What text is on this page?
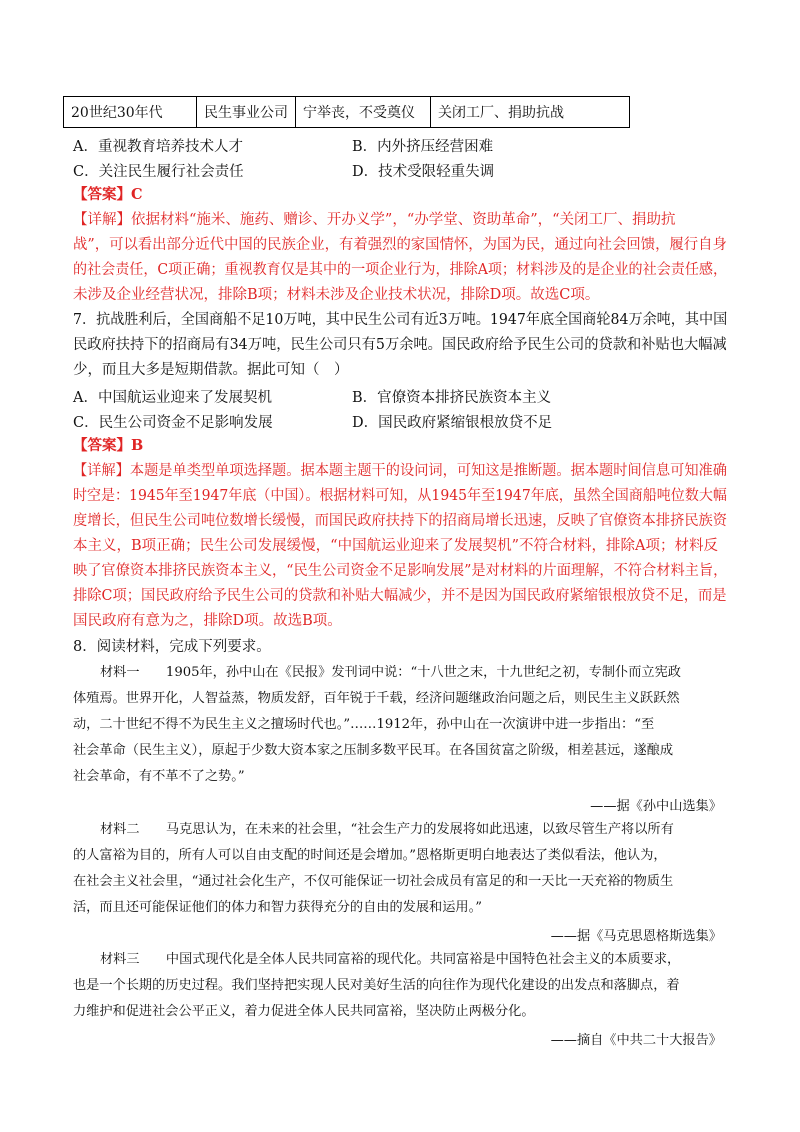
20世纪30年代	民生事业公司	宁举丧，不受奠仪	关闭工厂、捐助抗战
A．重视教育培养技术人才	B．内外挤压经营困难
C．关注民生履行社会责任	D．技术受限轻重失调
【答案】C
【详解】依据材料“施米、施药、赠诊、开办义学”，“办学堂、资助革命”，“关闭工厂、捐助抗
战”，可以看出部分近代中国的民族企业，有着强烈的家国情怀，为国为民，通过向社会回馈，履行自身
的社会责任，C项正确；重视教育仅是其中的一项企业行为，排除A项；材料涉及的是企业的社会责任感，
未涉及企业经营状况，排除B项；材料未涉及企业技术状况，排除D项。故选C项。
7．抗战胜利后，全国商船不足10万吨，其中民生公司有近3万吨。1947年底全国商轮84万余吨，其中国
民政府扶持下的招商局有34万吨，民生公司只有5万余吨。国民政府给予民生公司的贷款和补贴也大幅减
少，而且大多是短期借款。据此可知（　）
A．中国航运业迎来了发展契机	B．官僚资本排挤民族资本主义
C．民生公司资金不足影响发展	D．国民政府紧缩银根放贷不足
【答案】B
【详解】本题是单类型单项选择题。据本题主题干的设问词，可知这是推断题。据本题时间信息可知准确
时空是：1945年至1947年底（中国）。根据材料可知，从1945年至1947年底，虽然全国商船吨位数大幅
度增长，但民生公司吨位数增长缓慢，而国民政府扶持下的招商局增长迅速，反映了官僚资本排挤民族资
本主义，B项正确；民生公司发展缓慢，“中国航运业迎来了发展契机”不符合材料，排除A项；材料反
映了官僚资本排挤民族资本主义，“民生公司资金不足影响发展”是对材料的片面理解，不符合材料主旨，
排除C项；国民政府给予民生公司的贷款和补贴大幅减少，并不是因为国民政府紧缩银根放贷不足，而是
国民政府有意为之，排除D项。故选B项。
8．阅读材料，完成下列要求。
材料一　　1905年，孙中山在《民报》发刊词中说：“十八世之末，十九世纪之初，专制仆而立宪政
体殖焉。世界开化，人智益蒸，物质发舒，百年锐于千载，经济问题继政治问题之后，则民生主义跃跃然
动，二十世纪不得不为民生主义之擅场时代也。”……1912年，孙中山在一次演讲中进一步指出：“至
社会革命（民生主义），原起于少数大资本家之压制多数平民耳。在各国贫富之阶级，相差甚远，遂酿成
社会革命，有不革不了之势。”
——据《孙中山选集》
材料二　　马克思认为，在未来的社会里，“社会生产力的发展将如此迅速，以致尽管生产将以所有
的人富裕为目的，所有人可以自由支配的时间还是会增加。”恩格斯更明白地表达了类似看法，他认为，
在社会主义社会里，“通过社会化生产，不仅可能保证一切社会成员有富足的和一天比一天充裕的物质生
活，而且还可能保证他们的体力和智力获得充分的自由的发展和运用。”
——据《马克思恩格斯选集》
材料三　　中国式现代化是全体人民共同富裕的现代化。共同富裕是中国特色社会主义的本质要求，
也是一个长期的历史过程。我们坚持把实现人民对美好生活的向往作为现代化建设的出发点和落脚点，着
力维护和促进社会公平正义，着力促进全体人民共同富裕，坚决防止两极分化。
——摘自《中共二十大报告》
